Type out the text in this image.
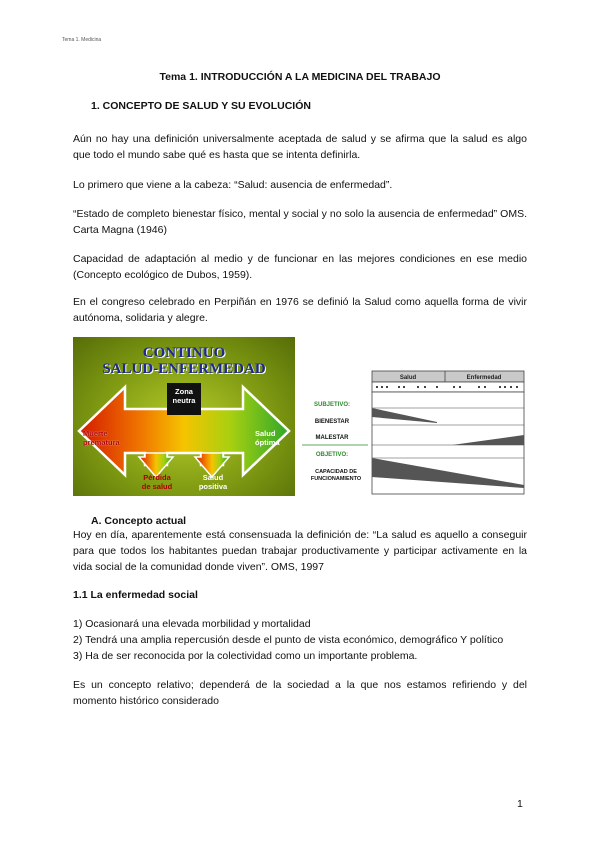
Tema 1. Medicina
Tema 1. INTRODUCCIÓN A LA MEDICINA DEL TRABAJO
1. CONCEPTO DE SALUD Y SU EVOLUCIÓN
Aún no hay una definición universalmente aceptada de salud y se afirma que la salud es algo que todo el mundo sabe qué es hasta que se intenta definirla.
Lo primero que viene a la cabeza: “Salud: ausencia de enfermedad”.
“Estado de completo bienestar físico, mental y social y no solo la ausencia de enfermedad” OMS. Carta Magna (1946)
Capacidad de adaptación al medio y de funcionar en las mejores condiciones en ese medio (Concepto ecológico de Dubos, 1959).
En el congreso celebrado en Perpiñán en 1976 se definió la Salud como aquella forma de vivir autónoma, solidaria y alegre.
CONTINUO
SALUD-ENFERMEDAD
Zona
neutra
Muerte
prematura
Salud
óptima
Pérdida
de salud
Salud
positiva
Salud	Enfermedad
SUBJETIVO:
BIENESTAR
MALESTAR
OBJETIVO:
CAPACIDAD DE
FUNCIONAMIENTO
A. Concepto actual
Hoy en día, aparentemente está consensuada la definición de: “La salud es aquello a conseguir para que todos los habitantes puedan trabajar productivamente y participar activamente en la vida social de la comunidad donde viven”. OMS, 1997
1.1 La enfermedad social
1) Ocasionará una elevada morbilidad y mortalidad
2) Tendrá una amplia repercusión desde el punto de vista económico, demográfico Y político
3) Ha de ser reconocida por la colectividad como un importante problema.
Es un concepto relativo; dependerá de la sociedad a la que nos estamos refiriendo y del momento histórico considerado
1
